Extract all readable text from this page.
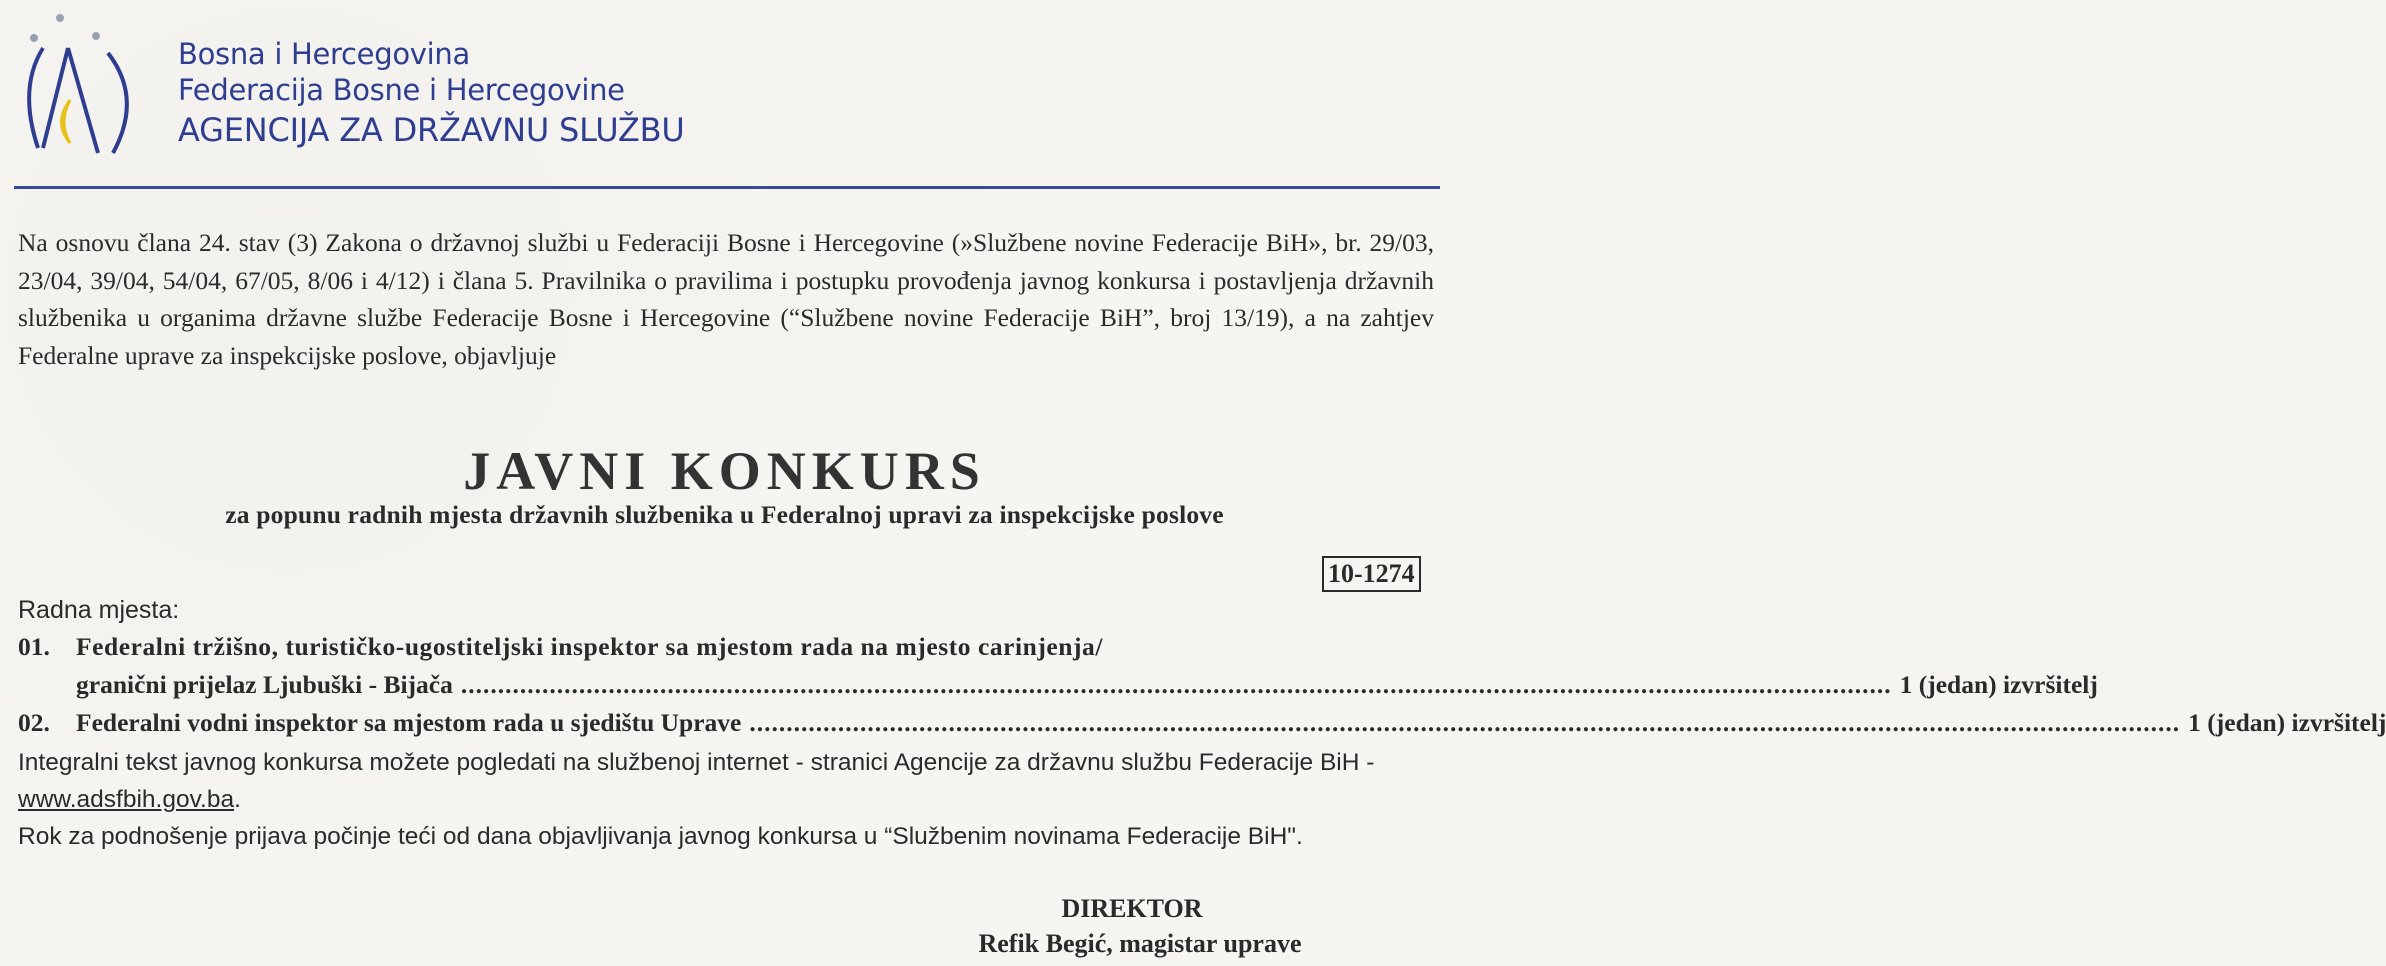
Bosna i Hercegovina
Federacija Bosne i Hercegovine
AGENCIJA ZA DRŽAVNU SLUŽBU
Na osnovu člana 24. stav (3) Zakona o državnoj službi u Federaciji Bosne i Hercegovine (»Službene novine Federacije BiH», br. 29/03, 23/04, 39/04, 54/04, 67/05, 8/06 i 4/12) i člana 5. Pravilnika o pravilima i postupku provođenja javnog konkursa i postavljenja državnih službenika u organima državne službe Federacije Bosne i Hercegovine (“Službene novine Federacije BiH”, broj 13/19), a na zahtjev Federalne uprave za inspekcijske poslove, objavljuje
JAVNI KONKURS
za popunu radnih mjesta državnih službenika u Federalnoj upravi za inspekcijske poslove
10-1274
Radna mjesta:
01.	Federalni tržišno, turističko-ugostiteljski inspektor sa mjestom rada na mjesto carinjenja/
granični prijelaz Ljubuški - Bijača .....	1 (jedan) izvršitelj
02.	Federalni vodni inspektor sa mjestom rada u sjedištu Uprave .....	1 (jedan) izvršitelj
Integralni tekst javnog konkursa možete pogledati na službenoj internet - stranici Agencije za državnu službu Federacije BiH - www.adsfbih.gov.ba.
Rok za podnošenje prijava počinje teći od dana objavljivanja javnog konkursa u “Službenim novinama Federacije BiH".
DIREKTOR
Refik Begić, magistar uprave
